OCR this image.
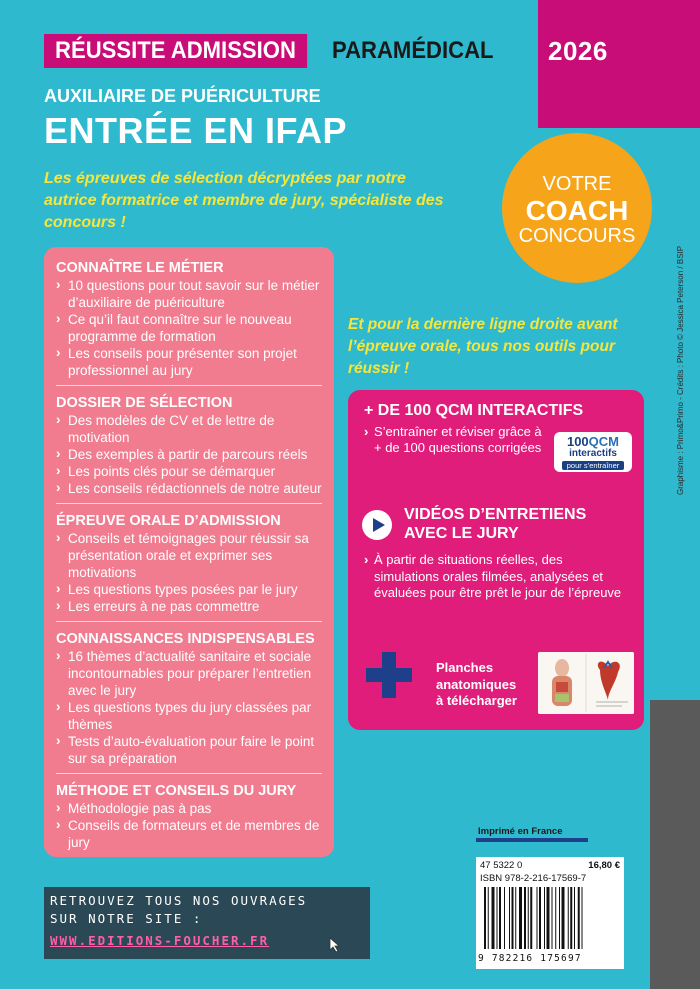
2026
RÉUSSITE ADMISSION	PARAMÉDICAL
AUXILIAIRE DE PUÉRICULTURE
ENTRÉE EN IFAP
Les épreuves de sélection décryptées par notre autrice formatrice et membre de jury, spécialiste des concours !
VOTRE
COACH
CONCOURS
CONNAÎTRE LE MÉTIER
› 10 questions pour tout savoir sur le métier d’auxiliaire de puériculture
› Ce qu’il faut connaître sur le nouveau programme de formation
› Les conseils pour présenter son projet professionnel au jury
DOSSIER DE SÉLECTION
› Des modèles de CV et de lettre de motivation
› Des exemples à partir de parcours réels
› Les points clés pour se démarquer
› Les conseils rédactionnels de notre auteur
ÉPREUVE ORALE D’ADMISSION
› Conseils et témoignages pour réussir sa présentation orale et exprimer ses motivations
› Les questions types posées par le jury
› Les erreurs à ne pas commettre
CONNAISSANCES INDISPENSABLES
› 16 thèmes d’actualité sanitaire et sociale incontournables pour préparer l’entretien avec le jury
› Les questions types du jury classées par thèmes
› Tests d’auto-évaluation pour faire le point sur sa préparation
MÉTHODE ET CONSEILS DU JURY
› Méthodologie pas à pas
› Conseils de formateurs et de membres de jury
Et pour la dernière ligne droite avant l’épreuve orale, tous nos outils pour réussir !
+ DE 100 QCM INTERACTIFS
› S’entraîner et réviser grâce à + de 100 questions corrigées	100QCM
interactifs
pour s’entraîner
VIDÉOS D’ENTRETIENS
AVEC LE JURY
› À partir de situations réelles, des simulations orales filmées, analysées et évaluées pour être prêt le jour de l’épreuve
Planches
anatomiques
à télécharger
Graphisme : Primo&Primo - Crédits : Photo © Jessica Peterson / BSIP
RETROUVEZ TOUS NOS OUVRAGES
SUR NOTRE SITE :
WWW.EDITIONS-FOUCHER.FR
Imprimé en France
47 5322 0	16,80 €
ISBN 978-2-216-17569-7
9 782216 175697
